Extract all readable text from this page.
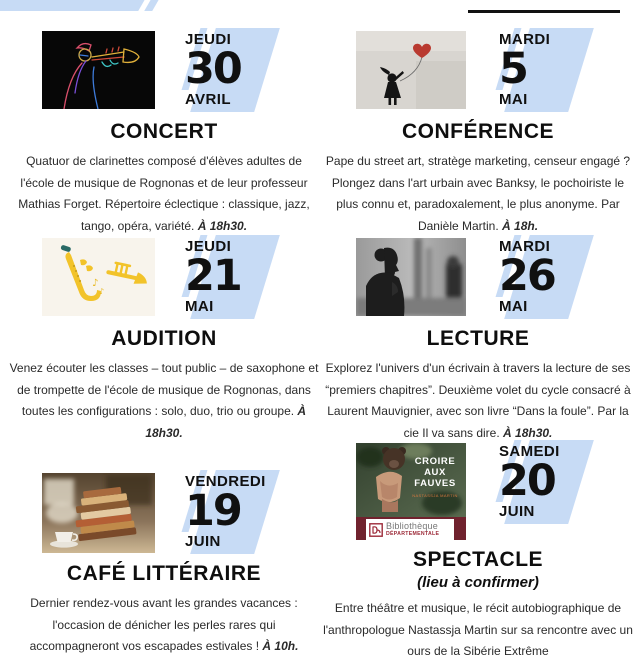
JEUDI
30
AVRIL
CONCERT

Quatuor de clarinettes composé d'élèves adultes de l'école de musique de Rognonas et de leur professeur Mathias Forget. Répertoire éclectique : classique, jazz, tango, opéra, variété. À 18h30.

MARDI
5
MAI
CONFÉRENCE

Pape du street art, stratège marketing, censeur engagé ? Plongez dans l'art urbain avec Banksy, le pochoiriste le plus connu et, paradoxalement, le plus anonyme. Par Danièle Martin. À 18h.

♪
♪
JEUDI
21
MAI
AUDITION

Venez écouter les classes – tout public – de saxophone et de trompette de l'école de musique de Rognonas, dans toutes les configurations : solo, duo, trio ou groupe. À 18h30.

MARDI
26
MAI
LECTURE

Explorez l'univers d'un écrivain à travers la lecture de ses “premiers chapitres”. Deuxième volet du cycle consacré à Laurent Mauvignier, avec son livre “Dans la foule”. Par la cie Il va sans dire. À 18h30.

VENDREDI
19
JUIN
CAFÉ LITTÉRAIRE

Dernier rendez-vous avant les grandes vacances : l'occasion de dénicher les perles rares qui accompagneront vos escapades estivales ! À 10h.

CROIRE
AUX
FAUVES
NASTASSJA MARTIN
Bibliothèque
DÉPARTEMENTALE
SAMEDI
20
JUIN
SPECTACLE
(lieu à confirmer)

Entre théâtre et musique, le récit autobiographique de l'anthropologue Nastassja Martin sur sa rencontre avec un ours de la Sibérie Extrême
